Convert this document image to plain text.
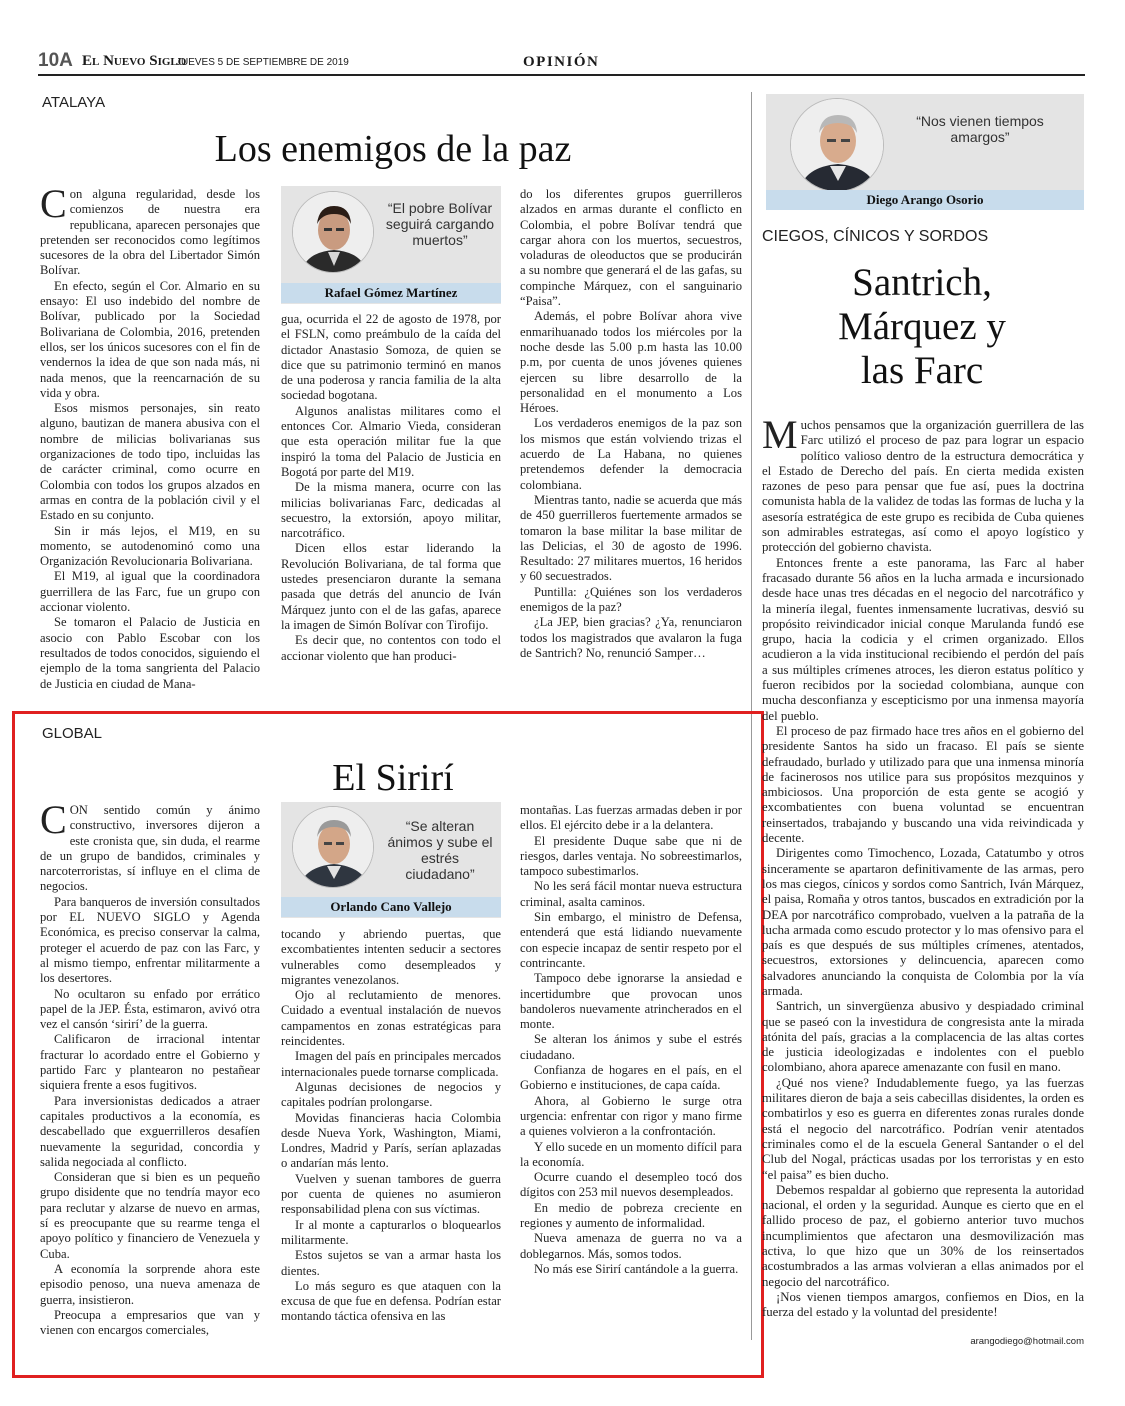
10A El Nuevo Siglo
JUEVES 5 DE SEPTIEMBRE DE 2019	OPINIÓN
ATALAYA
Los enemigos de la paz

Con alguna regularidad, desde los comienzos de nuestra era republicana, aparecen personajes que pretenden ser reconocidos como legítimos sucesores de la obra del Libertador Simón Bolívar.

En efecto, según el Cor. Almario en su ensayo: El uso indebido del nombre de Bolívar, publicado por la Sociedad Bolivariana de Colombia, 2016, pretenden ellos, ser los únicos sucesores con el fin de vendernos la idea de que son nada más, ni nada menos, que la reencarnación de su vida y obra.

Esos mismos personajes, sin reato alguno, bautizan de manera abusiva con el nombre de milicias bolivarianas sus organizaciones de todo tipo, incluidas las de carácter criminal, como ocurre en Colombia con todos los grupos alzados en armas en contra de la población civil y el Estado en su conjunto.

Sin ir más lejos, el M19, en su momento, se autodenominó como una Organización Revolucionaria Bolivariana.

El M19, al igual que la coordinadora guerrillera de las Farc, fue un grupo con accionar violento.

Se tomaron el Palacio de Justicia en asocio con Pablo Escobar con los resultados de todos conocidos, siguiendo el ejemplo de la toma sangrienta del Palacio de Justicia en ciudad de Mana-

“El pobre Bolívar seguirá cargando muertos”
Rafael Gómez Martínez

gua, ocurrida el 22 de agosto de 1978, por el FSLN, como preámbulo de la caída del dictador Anastasio Somoza, de quien se dice que su patrimonio terminó en manos de una poderosa y rancia familia de la alta sociedad bogotana.

Algunos analistas militares como el entonces Cor. Almario Vieda, consideran que esta operación militar fue la que inspiró la toma del Palacio de Justicia en Bogotá por parte del M19.

De la misma manera, ocurre con las milicias bolivarianas Farc, dedicadas al secuestro, la extorsión, apoyo militar, narcotráfico.

Dicen ellos estar liderando la Revolución Bolivariana, de tal forma que ustedes presenciaron durante la semana pasada que detrás del anuncio de Iván Márquez junto con el de las gafas, aparece la imagen de Simón Bolívar con Tirofijo.

Es decir que, no contentos con todo el accionar violento que han produci-

do los diferentes grupos guerrilleros alzados en armas durante el conflicto en Colombia, el pobre Bolívar tendrá que cargar ahora con los muertos, secuestros, voladuras de oleoductos que se producirán a su nombre que generará el de las gafas, su compinche Márquez, con el sanguinario “Paisa”.

Además, el pobre Bolívar ahora vive enmarihuanado todos los miércoles por la noche desde las 5.00 p.m hasta las 10.00 p.m, por cuenta de unos jóvenes quienes ejercen su libre desarrollo de la personalidad en el monumento a Los Héroes.

Los verdaderos enemigos de la paz son los mismos que están volviendo trizas el acuerdo de La Habana, no quienes pretendemos defender la democracia colombiana.

Mientras tanto, nadie se acuerda que más de 450 guerrilleros fuertemente armados se tomaron la base militar la base militar de las Delicias, el 30 de agosto de 1996. Resultado: 27 militares muertos, 16 heridos y 60 secuestrados.

Puntilla: ¿Quiénes son los verdaderos enemigos de la paz?

¿La JEP, bien gracias? ¿Ya, renunciaron todos los magistrados que avalaron la fuga de Santrich? No, renunció Samper…

GLOBAL
El Sirirí

CON sentido común y ánimo constructivo, inversores dijeron a este cronista que, sin duda, el rearme de un grupo de bandidos, criminales y narcoterroristas, sí influye en el clima de negocios.

Para banqueros de inversión consultados por EL NUEVO SIGLO y Agenda Económica, es preciso conservar la calma, proteger el acuerdo de paz con las Farc, y al mismo tiempo, enfrentar militarmente a los desertores.

No ocultaron su enfado por errático papel de la JEP. Ésta, estimaron, avivó otra vez el cansón ‘sirirí’ de la guerra.

Calificaron de irracional intentar fracturar lo acordado entre el Gobierno y partido Farc y plantearon no pestañear siquiera frente a esos fugitivos.

Para inversionistas dedicados a atraer capitales productivos a la economía, es descabellado que exguerrilleros desafíen nuevamente la seguridad, concordia y salida negociada al conflicto.

Consideran que si bien es un pequeño grupo disidente que no tendría mayor eco para reclutar y alzarse de nuevo en armas, sí es preocupante que su rearme tenga el apoyo político y financiero de Venezuela y Cuba.

A economía la sorprende ahora este episodio penoso, una nueva amenaza de guerra, insistieron.

Preocupa a empresarios que van y vienen con encargos comerciales,

“Se alteran ánimos y sube el estrés ciudadano”
Orlando Cano Vallejo

tocando y abriendo puertas, que excombatientes intenten seducir a sectores vulnerables como desempleados y migrantes venezolanos.

Ojo al reclutamiento de menores. Cuidado a eventual instalación de nuevos campamentos en zonas estratégicas para reincidentes.

Imagen del país en principales mercados internacionales puede tornarse complicada.

Algunas decisiones de negocios y capitales podrían prolongarse.

Movidas financieras hacia Colombia desde Nueva York, Washington, Miami, Londres, Madrid y París, serían aplazadas o andarían más lento.

Vuelven y suenan tambores de guerra por cuenta de quienes no asumieron responsabilidad plena con sus víctimas.

Ir al monte a capturarlos o bloquearlos militarmente.

Estos sujetos se van a armar hasta los dientes.

Lo más seguro es que ataquen con la excusa de que fue en defensa. Podrían estar montando táctica ofensiva en las

montañas. Las fuerzas armadas deben ir por ellos. El ejército debe ir a la delantera.

El presidente Duque sabe que ni de riesgos, darles ventaja. No sobreestimarlos, tampoco subestimarlos.

No les será fácil montar nueva estructura criminal, asalta caminos.

Sin embargo, el ministro de Defensa, entenderá que está lidiando nuevamente con especie incapaz de sentir respeto por el contrincante.

Tampoco debe ignorarse la ansiedad e incertidumbre que provocan unos bandoleros nuevamente atrincherados en el monte.

Se alteran los ánimos y sube el estrés ciudadano.

Confianza de hogares en el país, en el Gobierno e instituciones, de capa caída.

Ahora, al Gobierno le surge otra urgencia: enfrentar con rigor y mano firme a quienes volvieron a la confrontación.

Y ello sucede en un momento difícil para la economía.

Ocurre cuando el desempleo tocó dos dígitos con 253 mil nuevos desempleados.

En medio de pobreza creciente en regiones y aumento de informalidad.

Nueva amenaza de guerra no va a doblegarnos. Más, somos todos.

No más ese Sirirí cantándole a la guerra.

“Nos vienen tiempos amargos”
Diego Arango Osorio
CIEGOS, CÍNICOS Y SORDOS
Santrich,
Márquez y
las Farc

Muchos pensamos que la organización guerrillera de las Farc utilizó el proceso de paz para lograr un espacio político valioso dentro de la estructura democrática y el Estado de Derecho del país. En cierta medida existen razones de peso para pensar que fue así, pues la doctrina comunista habla de la validez de todas las formas de lucha y la asesoría estratégica de este grupo es recibida de Cuba quienes son admirables estrategas, así como el apoyo logístico y protección del gobierno chavista.

Entonces frente a este panorama, las Farc al haber fracasado durante 56 años en la lucha armada e incursionado desde hace unas tres décadas en el negocio del narcotráfico y la minería ilegal, fuentes inmensamente lucrativas, desvió su propósito reivindicador inicial conque Marulanda fundó ese grupo, hacia la codicia y el crimen organizado. Ellos acudieron a la vida institucional recibiendo el perdón del país a sus múltiples crímenes atroces, les dieron estatus político y fueron recibidos por la sociedad colombiana, aunque con mucha desconfianza y escepticismo por una inmensa mayoría del pueblo.

El proceso de paz firmado hace tres años en el gobierno del presidente Santos ha sido un fracaso. El país se siente defraudado, burlado y utilizado para que una inmensa minoría de facinerosos nos utilice para sus propósitos mezquinos y ambiciosos. Una proporción de esta gente se acogió y excombatientes con buena voluntad se encuentran reinsertados, trabajando y buscando una vida reivindicada y decente.

Dirigentes como Timochenco, Lozada, Catatumbo y otros sinceramente se apartaron definitivamente de las armas, pero los mas ciegos, cínicos y sordos como Santrich, Iván Márquez, el paisa, Romaña y otros tantos, buscados en extradición por la DEA por narcotráfico comprobado, vuelven a la patraña de la lucha armada como escudo protector y lo mas ofensivo para el país es que después de sus múltiples crímenes, atentados, secuestros, extorsiones y delincuencia, aparecen como salvadores anunciando la conquista de Colombia por la vía armada.

Santrich, un sinvergüenza abusivo y despiadado criminal que se paseó con la investidura de congresista ante la mirada atónita del país, gracias a la complacencia de las altas cortes de justicia ideologizadas e indolentes con el pueblo colombiano, ahora aparece amenazante con fusil en mano.

¿Qué nos viene? Indudablemente fuego, ya las fuerzas militares dieron de baja a seis cabecillas disidentes, la orden es combatirlos y eso es guerra en diferentes zonas rurales donde está el negocio del narcotráfico. Podrían venir atentados criminales como el de la escuela General Santander o el del Club del Nogal, prácticas usadas por los terroristas y en esto “el paisa” es bien ducho.

Debemos respaldar al gobierno que representa la autoridad nacional, el orden y la seguridad. Aunque es cierto que en el fallido proceso de paz, el gobierno anterior tuvo muchos incumplimientos que afectaron una desmovilización mas activa, lo que hizo que un 30% de los reinsertados acostumbrados a las armas volvieran a ellas animados por el negocio del narcotráfico.

¡Nos vienen tiempos amargos, confiemos en Dios, en la fuerza del estado y la voluntad del presidente!

arangodiego@hotmail.com
